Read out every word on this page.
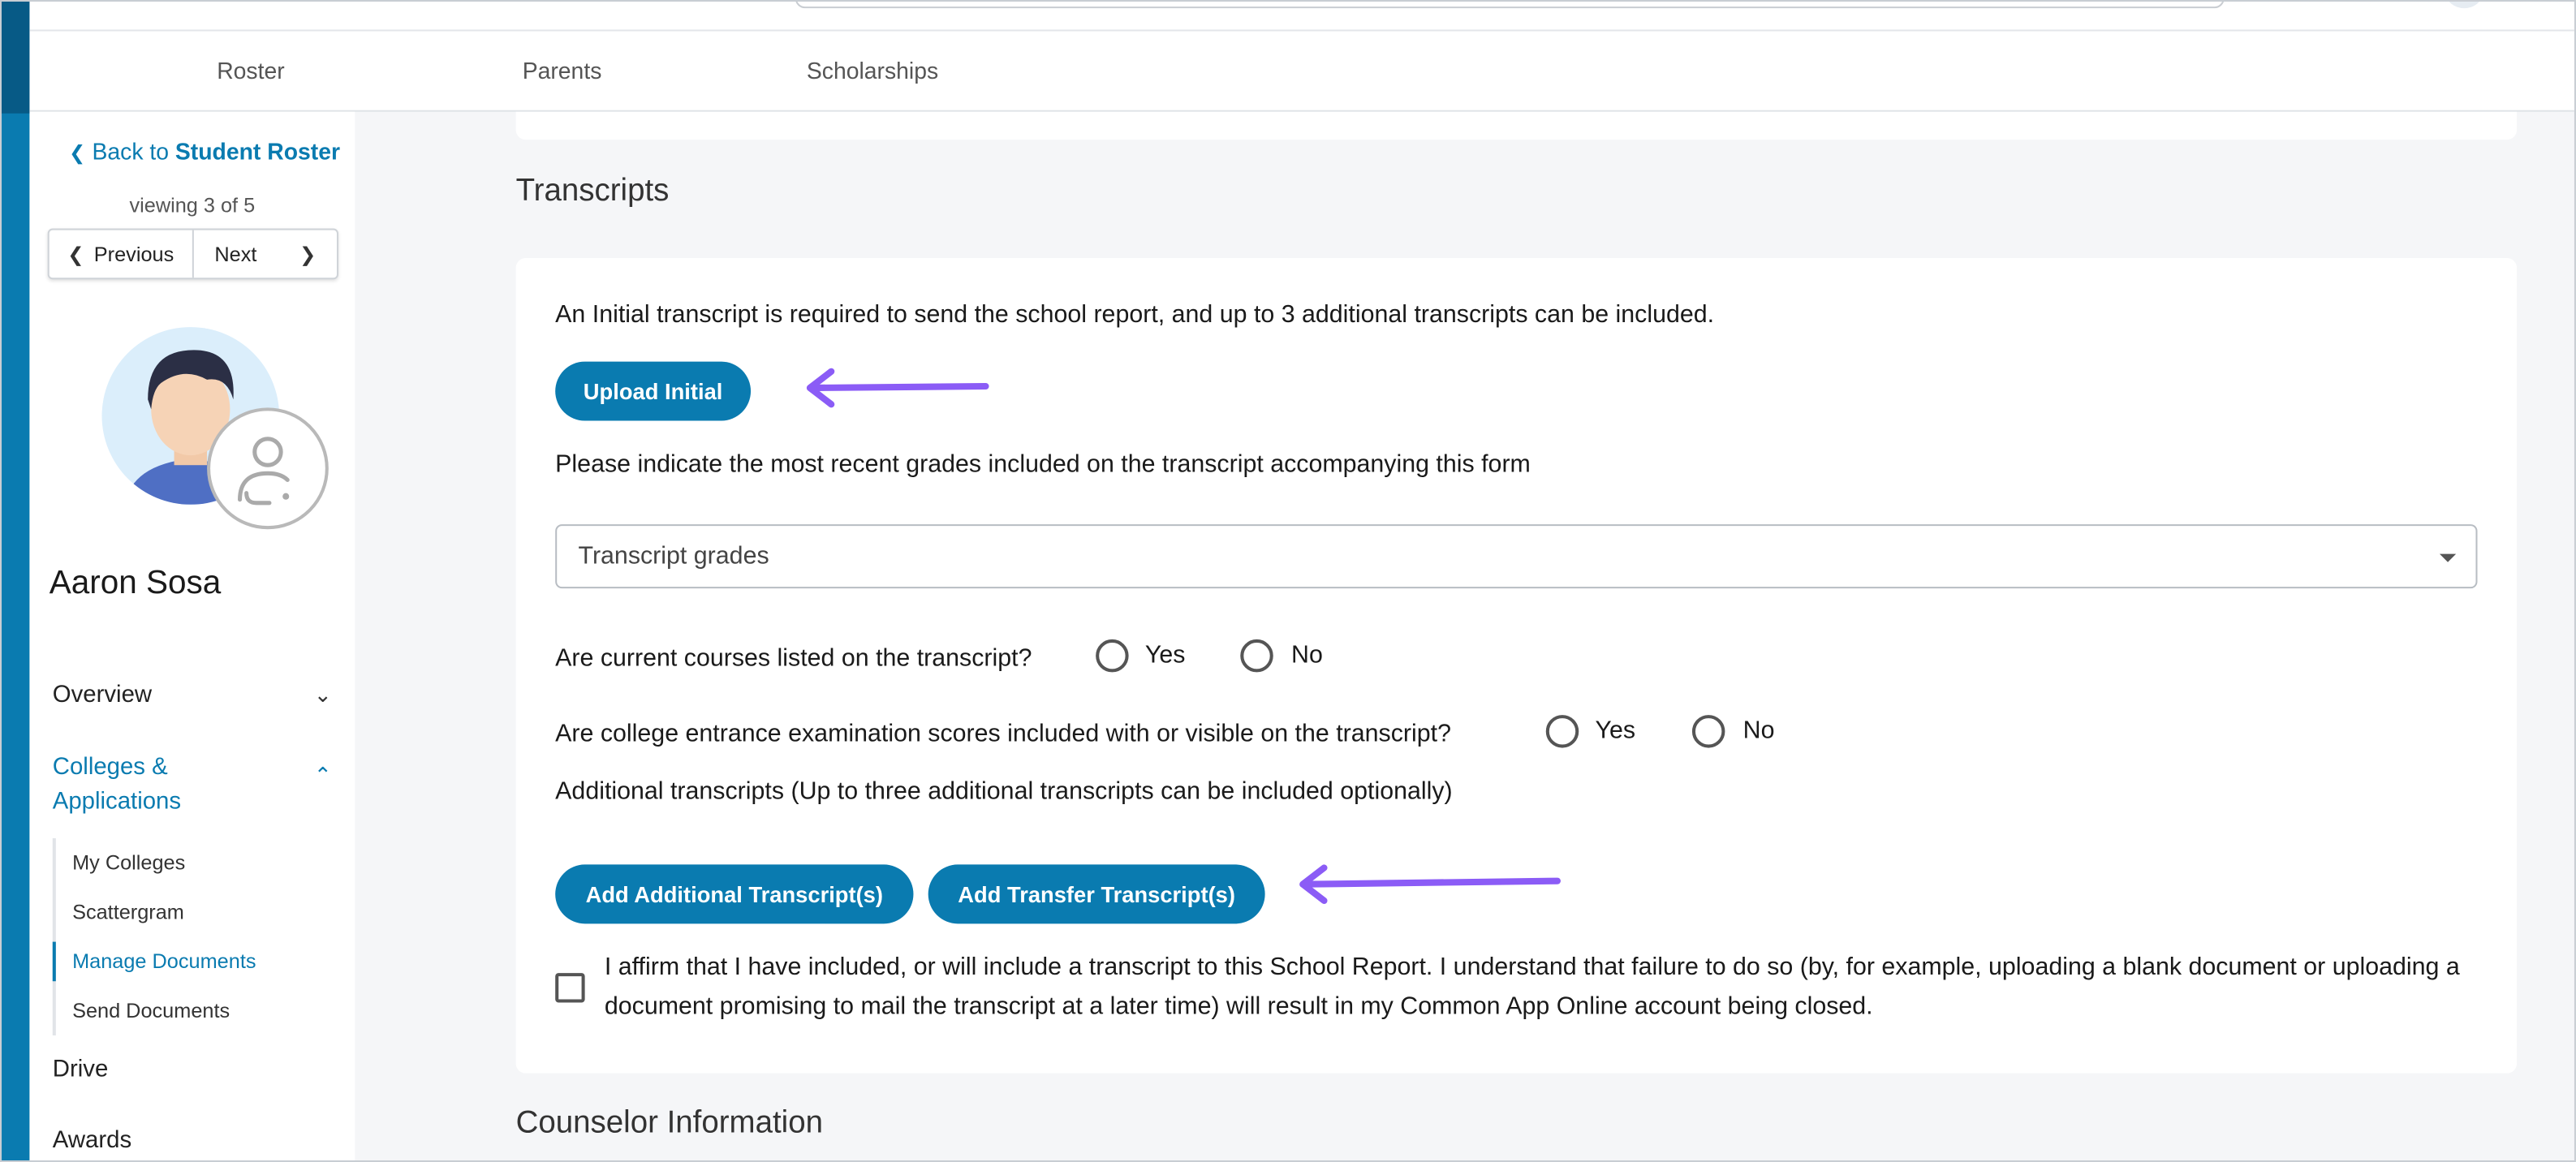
Roster	Parents	Scholarships
❮ Back to Student Roster
viewing 3 of 5
❮ Previous	Next	❯
Aaron Sosa
Overview	⌄
Colleges &
Applications
⌃
My Colleges
Scattergram
Manage Documents
Send Documents
Drive
Awards
Transcripts
An Initial transcript is required to send the school report, and up to 3 additional transcripts can be included.
Upload Initial
Please indicate the most recent grades included on the transcript accompanying this form
Transcript grades
Are current courses listed on the transcript?	Yes	No
Are college entrance examination scores included with or visible on the transcript?	Yes	No
Additional transcripts (Up to three additional transcripts can be included optionally)
Add Additional Transcript(s)	Add Transfer Transcript(s)
I affirm that I have included, or will include a transcript to this School Report. I understand that failure to do so (by, for example, uploading a blank document or uploading a document promising to mail the transcript at a later time) will result in my Common App Online account being closed.
Counselor Information
